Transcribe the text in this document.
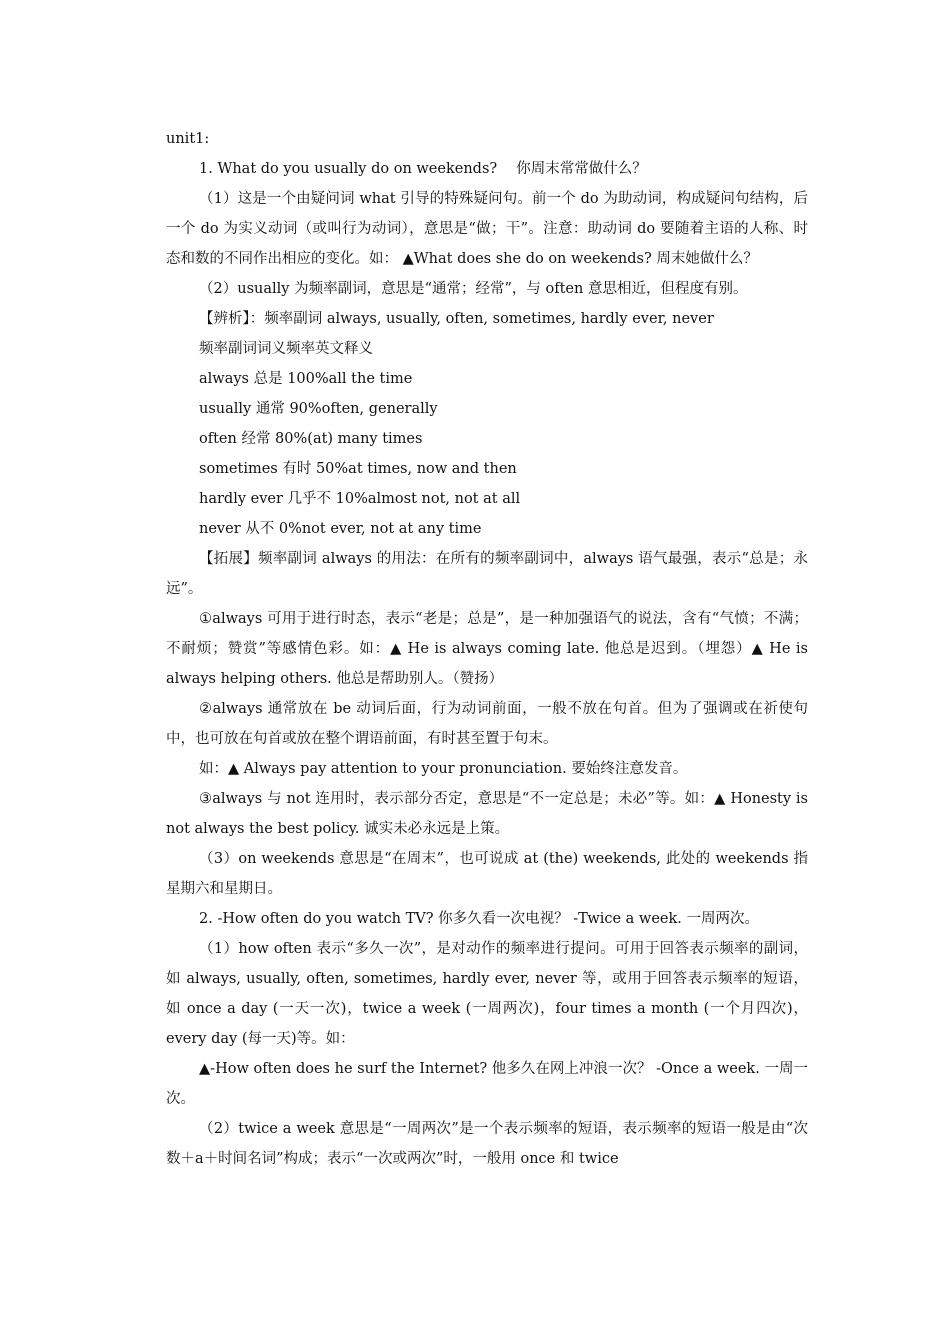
unit1:
1. What do you usually do on weekends?　 你周末常常做什么？
（1）这是一个由疑问词 what 引导的特殊疑问句。前一个 do 为助动词，构成疑问句结构，后一个 do 为实义动词（或叫行为动词），意思是“做；干”。注意：助动词 do 要随着主语的人称、时态和数的不同作出相应的变化。如： ▲What does she do on weekends? 周末她做什么？
（2）usually 为频率副词，意思是“通常；经常”，与 often 意思相近，但程度有别。
【辨析】：频率副词 always, usually, often, sometimes, hardly ever, never
频率副词词义频率英文释义
always 总是 100%all the time
usually 通常 90%often, generally
often 经常 80%(at) many times
sometimes 有时 50%at times, now and then
hardly ever 几乎不 10%almost not, not at all
never 从不 0%not ever, not at any time
【拓展】频率副词 always 的用法：在所有的频率副词中，always 语气最强，表示“总是；永远”。
①always 可用于进行时态，表示“老是；总是”，是一种加强语气的说法，含有“气愤；不满；不耐烦；赞赏”等感情色彩。如：▲ He is always coming late. 他总是迟到。（埋怨）▲ He is always helping others. 他总是帮助别人。（赞扬）
②always 通常放在 be 动词后面，行为动词前面，一般不放在句首。但为了强调或在祈使句中，也可放在句首或放在整个谓语前面，有时甚至置于句末。
如：▲ Always pay attention to your pronunciation. 要始终注意发音。
③always 与 not 连用时，表示部分否定，意思是“不一定总是；未必”等。如：▲ Honesty is not always the best policy. 诚实未必永远是上策。
（3）on weekends 意思是“在周末”，也可说成 at (the) weekends, 此处的 weekends 指星期六和星期日。
2. -How often do you watch TV? 你多久看一次电视？ -Twice a week. 一周两次。
（1）how often 表示“多久一次”，是对动作的频率进行提问。可用于回答表示频率的副词，如 always, usually, often, sometimes, hardly ever, never 等，或用于回答表示频率的短语，如 once a day (一天一次)，twice a week (一周两次)，four times a month (一个月四次)，every day (每一天)等。如：
▲-How often does he surf the Internet? 他多久在网上冲浪一次？ -Once a week. 一周一次。
（2）twice a week 意思是“一周两次”是一个表示频率的短语，表示频率的短语一般是由“次数＋a＋时间名词”构成；表示“一次或两次”时，一般用 once 和 twice
